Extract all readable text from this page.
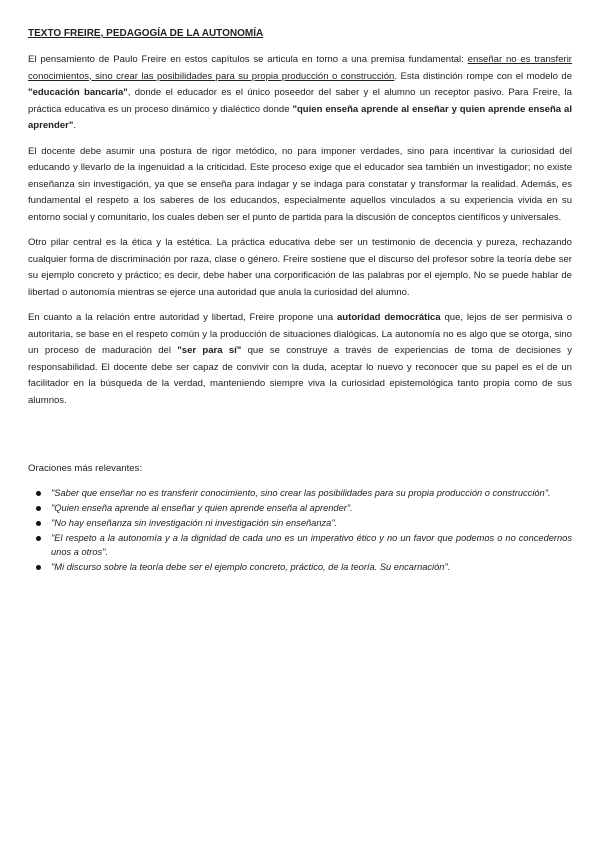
TEXTO FREIRE, PEDAGOGÍA DE LA AUTONOMÍA

El pensamiento de Paulo Freire en estos capítulos se articula en torno a una premisa fundamental: enseñar no es transferir conocimientos, sino crear las posibilidades para su propia producción o construcción. Esta distinción rompe con el modelo de "educación bancaria", donde el educador es el único poseedor del saber y el alumno un receptor pasivo. Para Freire, la práctica educativa es un proceso dinámico y dialéctico donde "quien enseña aprende al enseñar y quien aprende enseña al aprender".

El docente debe asumir una postura de rigor metódico, no para imponer verdades, sino para incentivar la curiosidad del educando y llevarlo de la ingenuidad a la criticidad. Este proceso exige que el educador sea también un investigador; no existe enseñanza sin investigación, ya que se enseña para indagar y se indaga para constatar y transformar la realidad. Además, es fundamental el respeto a los saberes de los educandos, especialmente aquellos vinculados a su experiencia vivida en su entorno social y comunitario, los cuales deben ser el punto de partida para la discusión de conceptos científicos y universales.

Otro pilar central es la ética y la estética. La práctica educativa debe ser un testimonio de decencia y pureza, rechazando cualquier forma de discriminación por raza, clase o género. Freire sostiene que el discurso del profesor sobre la teoría debe ser su ejemplo concreto y práctico; es decir, debe haber una corporificación de las palabras por el ejemplo. No se puede hablar de libertad o autonomía mientras se ejerce una autoridad que anula la curiosidad del alumno.

En cuanto a la relación entre autoridad y libertad, Freire propone una autoridad democrática que, lejos de ser permisiva o autoritaria, se base en el respeto común y la producción de situaciones dialógicas. La autonomía no es algo que se otorga, sino un proceso de maduración del "ser para sí" que se construye a través de experiencias de toma de decisiones y responsabilidad. El docente debe ser capaz de convivir con la duda, aceptar lo nuevo y reconocer que su papel es el de un facilitador en la búsqueda de la verdad, manteniendo siempre viva la curiosidad epistemológica tanto propia como de sus alumnos.

Oraciones más relevantes:
"Saber que enseñar no es transferir conocimiento, sino crear las posibilidades para su propia producción o construcción".
"Quien enseña aprende al enseñar y quien aprende enseña al aprender".
"No hay enseñanza sin investigación ni investigación sin enseñanza".
"El respeto a la autonomía y a la dignidad de cada uno es un imperativo ético y no un favor que podemos o no concedernos unos a otros".
"Mi discurso sobre la teoría debe ser el ejemplo concreto, práctico, de la teoría. Su encarnación".
